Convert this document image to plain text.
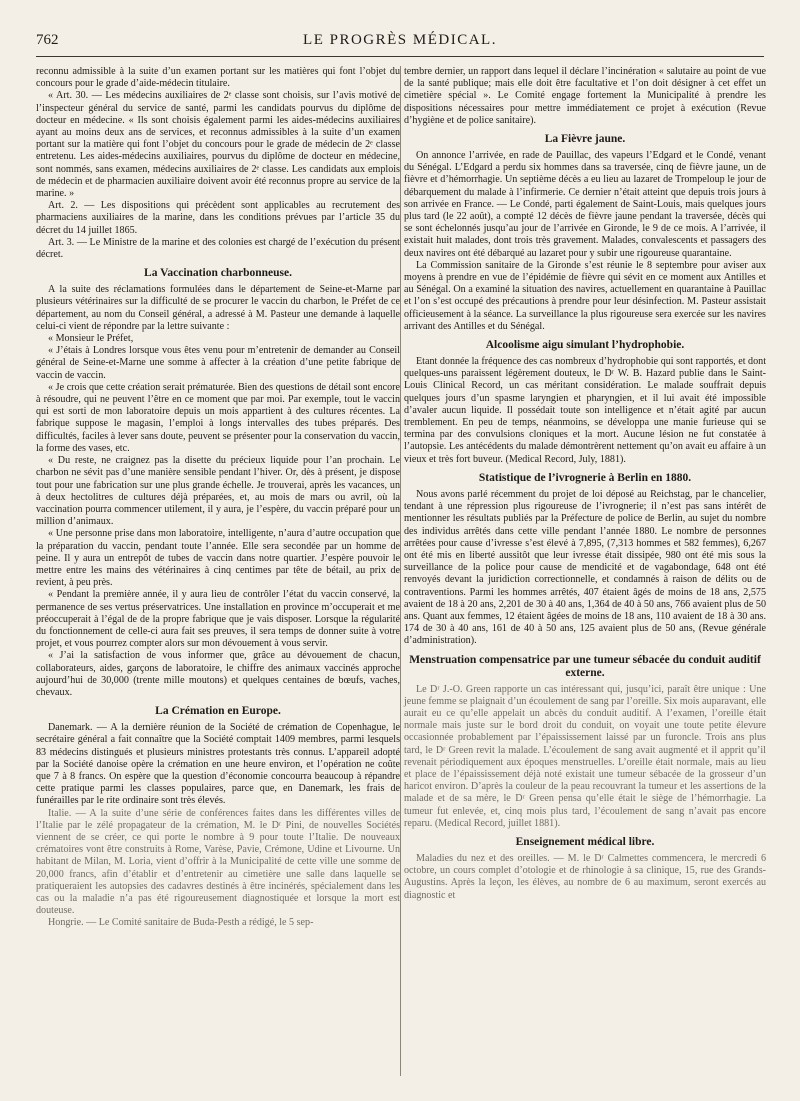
762	LE PROGRÈS MÉDICAL.

reconnu admissible à la suite d’un examen portant sur les matières qui font l’objet du concours pour le grade d’aide-médecin titulaire.

« Art. 30. — Les médecins auxiliaires de 2ᵉ classe sont choisis, sur l’avis motivé de l’inspecteur général du service de santé, parmi les candidats pourvus du diplôme de docteur en médecine. « Ils sont choisis également parmi les aides-médecins auxiliaires ayant au moins deux ans de services, et reconnus admissibles à la suite d’un examen portant sur la matière qui font l’objet du concours pour le grade de médecin de 2ᵉ classe entretenu. Les aides-médecins auxiliaires, pourvus du diplôme de docteur en médecine, sont nommés, sans examen, médecins auxiliaires de 2ᵉ classe. Les candidats aux emplois de médecin et de pharmacien auxiliaire doivent avoir été reconnus propre au service de la marine. »

Art. 2. — Les dispositions qui précèdent sont applicables au recrutement des pharmaciens auxiliaires de la marine, dans les conditions prévues par l’article 35 du décret du 14 juillet 1865.

Art. 3. — Le Ministre de la marine et des colonies est chargé de l’exécution du présent décret.

La Vaccination charbonneuse.

A la suite des réclamations formulées dans le département de Seine-et-Marne par plusieurs vétérinaires sur la difficulté de se procurer le vaccin du charbon, le Préfet de ce département, au nom du Conseil général, a adressé à M. Pasteur une demande à laquelle celui-ci vient de répondre par la lettre suivante :

« Monsieur le Préfet,

« J’étais à Londres lorsque vous êtes venu pour m’entretenir de demander au Conseil général de Seine-et-Marne une somme à affecter à la création d’une petite fabrique de vaccin de vaccin.

« Je crois que cette création serait prématurée. Bien des questions de détail sont encore à résoudre, qui ne peuvent l’être en ce moment que par moi. Par exemple, tout le vaccin qui est sorti de mon laboratoire depuis un mois appartient à des cultures récentes. La fabrique suppose le magasin, l’emploi à longs intervalles des tubes préparés. Des difficultés, faciles à lever sans doute, peuvent se présenter pour la conservation du vaccin, la forme des vases, etc.

« Du reste, ne craignez pas la disette du précieux liquide pour l’an prochain. Le charbon ne sévit pas d’une manière sensible pendant l’hiver. Or, dès à présent, je dispose tout pour une fabrication sur une plus grande échelle. Je trouverai, après les vacances, un à deux hectolitres de cultures déjà préparées, et, au mois de mars ou avril, où la vaccination pourra commencer utilement, il y aura, je l’espère, du vaccin préparé pour un million d’animaux.

« Une personne prise dans mon laboratoire, intelligente, n’aura d’autre occupation que la préparation du vaccin, pendant toute l’année. Elle sera secondée par un homme de peine. Il y aura un entrepôt de tubes de vaccin dans notre quartier. J’espère pouvoir le mettre entre les mains des vétérinaires à cinq centimes par tête de bétail, au prix de revient, à peu près.

« Pendant la première année, il y aura lieu de contrôler l’état du vaccin conservé, la permanence de ses vertus préservatrices. Une installation en province m’occuperait et me préoccuperait à l’égal de de la propre fabrique que je vais disposer. Lorsque la régularité du fonctionnement de celle-ci aura fait ses preuves, il sera temps de donner suite à votre projet, et vous pourrez compter alors sur mon dévouement à vous servir.

« J’ai la satisfaction de vous informer que, grâce au dévouement de chacun, collaborateurs, aides, garçons de laboratoire, le chiffre des animaux vaccinés approche aujourd’hui de 30,000 (trente mille moutons) et quelques centaines de bœufs, vaches, chevaux.

La Crémation en Europe.

Danemark. — A la dernière réunion de la Société de crémation de Copenhague, le secrétaire général a fait connaître que la Société comptait 1409 membres, parmi lesquels 83 médecins distingués et plusieurs ministres protestants très connus. L’appareil adopté par la Société danoise opère la crémation en une heure environ, et l’opération ne coûte que 7 à 8 francs. On espère que la question d’économie concourra beaucoup à répandre cette pratique parmi les classes populaires, parce que, en Danemark, les frais de funérailles par le rite ordinaire sont très élevés.

Italie. — A la suite d’une série de conférences faites dans les différentes villes de l’Italie par le zélé propagateur de la crémation, M. le Dʳ Pini, de nouvelles Sociétés viennent de se créer, ce qui porte le nombre à 9 pour toute l’Italie. De nouveaux crématoires vont être construits à Rome, Varèse, Pavie, Crémone, Udine et Livourne. Un habitant de Milan, M. Loria, vient d’offrir à la Municipalité de cette ville une somme de 20,000 francs, afin d’établir et d’entretenir au cimetière une salle dans laquelle se pratiqueraient les autopsies des cadavres destinés à être incinérés, spécialement dans les cas ou la maladie n’a pas été rigoureusement diagnostiquée et lorsque la mort est douteuse.

Hongrie. — Le Comité sanitaire de Buda-Pesth a rédigé, le 5 sep-

tembre dernier, un rapport dans lequel il déclare l’incinération « salutaire au point de vue de la santé publique; mais elle doit être facultative et l’on doit désigner à cet effet un cimetière spécial ». Le Comité engage fortement la Municipalité à prendre les dispositions nécessaires pour mettre immédiatement ce projet à exécution (Revue d’hygiène et de police sanitaire).

La Fièvre jaune.

On annonce l’arrivée, en rade de Pauillac, des vapeurs l’Edgard et le Condé, venant du Sénégal. L’Edgard a perdu six hommes dans sa traversée, cinq de fièvre jaune, un de fièvre et d’hémorrhagie. Un septième décès a eu lieu au lazaret de Trompeloup le jour de débarquement du malade à l’infirmerie. Ce dernier n’était atteint que depuis trois jours à son arrivée en France. — Le Condé, parti également de Saint-Louis, mais quelques jours plus tard (le 22 août), a compté 12 décès de fièvre jaune pendant la traversée, décès qui se sont échelonnés jusqu’au jour de l’arrivée en Gironde, le 9 de ce mois. A l’arrivée, il existait huit malades, dont trois très gravement. Malades, convalescents et passagers des deux navires ont été débarqué au lazaret pour y subir une rigoureuse quarantaine.

La Commission sanitaire de la Gironde s’est réunie le 8 septembre pour aviser aux moyens à prendre en vue de l’épidémie de fièvre qui sévit en ce moment aux Antilles et au Sénégal. On a examiné la situation des navires, actuellement en quarantaine à Pauillac et l’on s’est occupé des précautions à prendre pour leur désinfection. M. Pasteur assistait officieusement à la séance. La surveillance la plus rigoureuse sera exercée sur les navires arrivant des Antilles et du Sénégal.

Alcoolisme aigu simulant l’hydrophobie.

Etant donnée la fréquence des cas nombreux d’hydrophobie qui sont rapportés, et dont quelques-uns paraissent légèrement douteux, le Dʳ W. B. Hazard publie dans le Saint-Louis Clinical Record, un cas méritant considération. Le malade souffrait depuis quelques jours d’un spasme laryngien et pharyngien, et il lui avait été impossible d’avaler aucun liquide. Il possédait toute son intelligence et n’était agité par aucun tremblement. En peu de temps, néanmoins, se développa une manie furieuse qui se termina par des convulsions cloniques et la mort. Aucune lésion ne fut constatée à l’autopsie. Les antécédents du malade démontrèrent nettement qu’on avait eu affaire à un vieux et très fort buveur. (Medical Record, July, 1881).

Statistique de l’ivrognerie à Berlin en 1880.

Nous avons parlé récemment du projet de loi déposé au Reichstag, par le chancelier, tendant à une répression plus rigoureuse de l’ivrognerie; il n’est pas sans intérêt de mentionner les résultats publiés par la Préfecture de police de Berlin, au sujet du nombre des individus arrêtés dans cette ville pendant l’année 1880. Le nombre de personnes arrêtées pour cause d’ivresse s’est élevé à 7,895, (7,313 hommes et 582 femmes), 6,267 ont été mis en liberté aussitôt que leur ivresse était dissipée, 980 ont été mis sous la surveillance de la police pour cause de mendicité et de vagabondage, 648 ont été renvoyés devant la juridiction correctionnelle, et condamnés à raison de délits ou de contraventions. Parmi les hommes arrêtés, 407 étaient âgés de moins de 18 ans, 2,575 avaient de 18 à 20 ans, 2,201 de 30 à 40 ans, 1,364 de 40 à 50 ans, 766 avaient plus de 50 ans. Quant aux femmes, 12 étaient âgées de moins de 18 ans, 110 avaient de 18 à 30 ans. 174 de 30 à 40 ans, 161 de 40 à 50 ans, 125 avaient plus de 50 ans, (Revue générale d’administration).

Menstruation compensatrice par une tumeur sébacée du conduit auditif externe.

Le Dʳ J.-O. Green rapporte un cas intéressant qui, jusqu’ici, paraît être unique : Une jeune femme se plaignait d’un écoulement de sang par l’oreille. Six mois auparavant, elle aurait eu ce qu’elle appelait un abcès du conduit auditif. A l’examen, l’oreille était normale mais juste sur le bord droit du conduit, on voyait une toute petite élevure occasionnée probablement par l’épaississement laissé par un furoncle. Trois ans plus tard, le Dʳ Green revit la malade. L’écoulement de sang avait augmenté et il apprit qu’il revenait périodiquement aux époques menstruelles. L’oreille était normale, mais au lieu et place de l’épaississement déjà noté existait une tumeur sébacée de la grosseur d’un haricot environ. D’après la couleur de la peau recouvrant la tumeur et les assertions de la malade et de sa mère, le Dʳ Green pensa qu’elle était le siège de l’hémorrhagie. La tumeur fut enlevée, et, cinq mois plus tard, l’écoulement de sang n’avait pas encore reparu. (Medical Record, juillet 1881).

Enseignement médical libre.

Maladies du nez et des oreilles. — M. le Dʳ Calmettes commencera, le mercredi 6 octobre, un cours complet d’otologie et de rhinologie à sa clinique, 15, rue des Grands-Augustins. Après la leçon, les élèves, au nombre de 6 au maximum, seront exercés au diagnostic et
